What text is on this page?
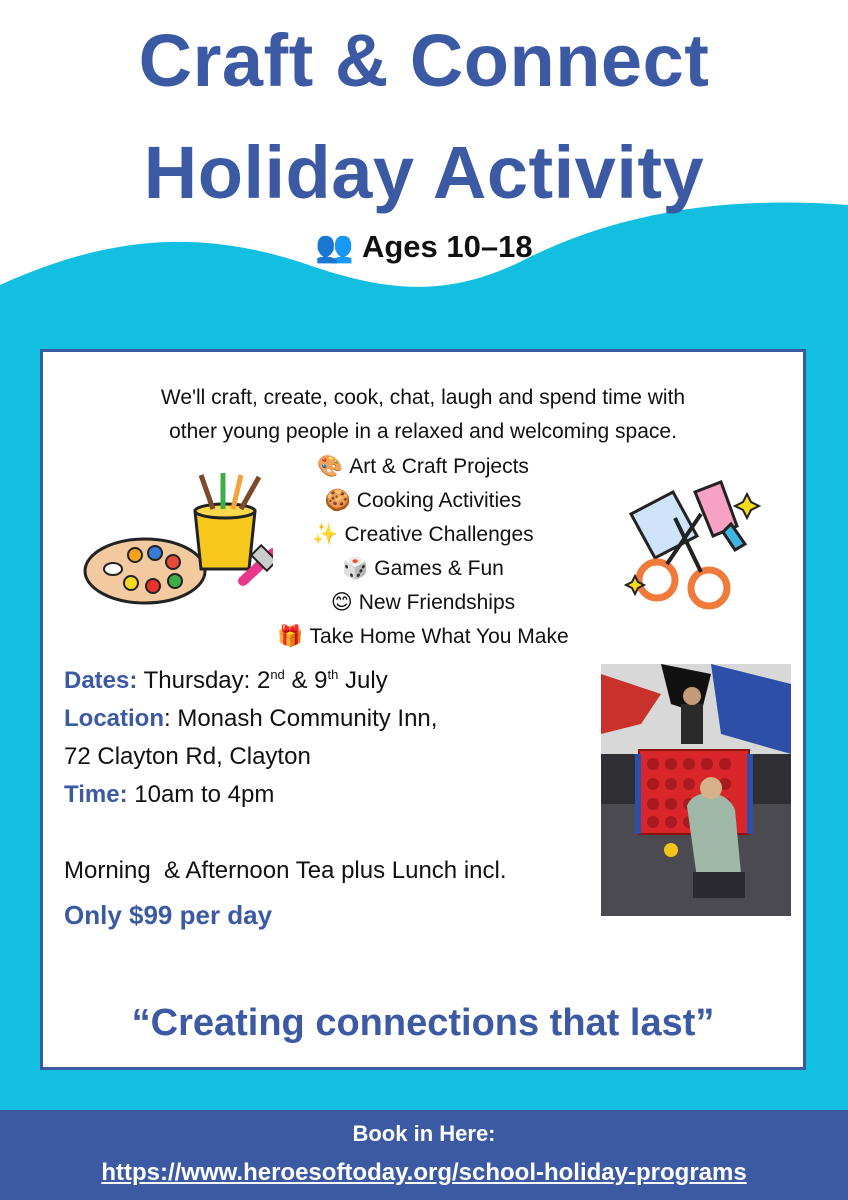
Craft & Connect
Holiday Activity
👥 Ages 10–18
We'll craft, create, cook, chat, laugh and spend time with
other young people in a relaxed and welcoming space.
🎨 Art & Craft Projects
🍪 Cooking Activities
✨ Creative Challenges
🎲 Games & Fun
😊 New Friendships
🎁 Take Home What You Make
Dates: Thursday: 2nd & 9th July
Location: Monash Community Inn,
72 Clayton Rd, Clayton
Time: 10am to 4pm
Morning  & Afternoon Tea plus Lunch incl.
Only $99 per day
“Creating connections that last”
Book in Here:
https://www.heroesoftoday.org/school-holiday-programs
